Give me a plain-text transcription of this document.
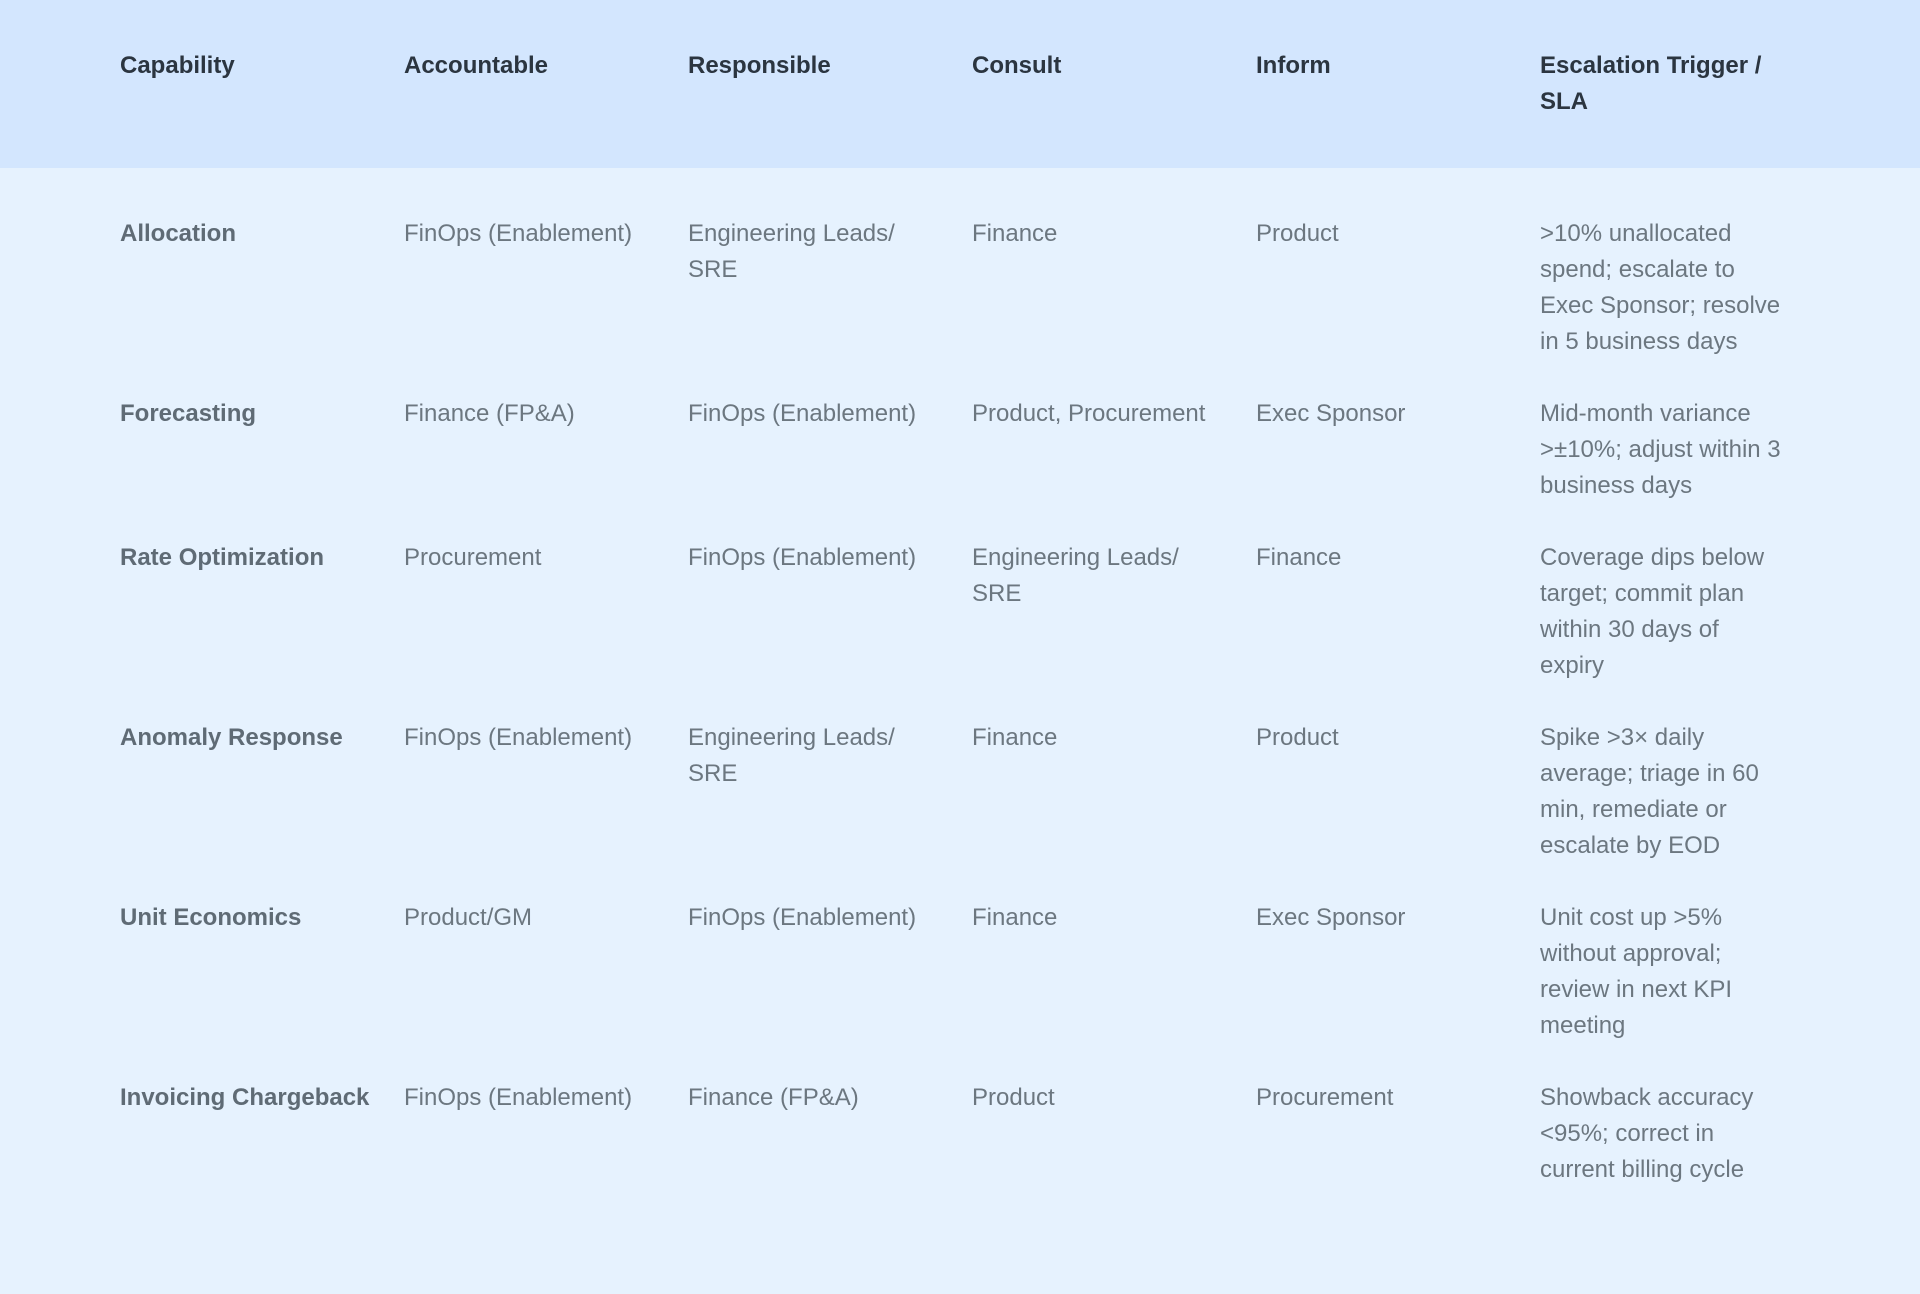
	Capability	Accountable	Responsible	Consult	Inform	Escalation Trigger / SLA	
	Allocation	FinOps (Enablement)	Engineering Leads/ SRE	Finance	Product	>10% unallocated spend; escalate to Exec Sponsor; resolve in 5 business days	
	Forecasting	Finance (FP&A)	FinOps (Enablement)	Product, Procurement	Exec Sponsor	Mid-month variance >±10%; adjust within 3 business days	
	Rate Optimization	Procurement	FinOps (Enablement)	Engineering Leads/ SRE	Finance	Coverage dips below target; commit plan within 30 days of expiry	
	Anomaly Response	FinOps (Enablement)	Engineering Leads/ SRE	Finance	Product	Spike >3× daily average; triage in 60 min, remediate or escalate by EOD	
	Unit Economics	Product/GM	FinOps (Enablement)	Finance	Exec Sponsor	Unit cost up >5% without approval; review in next KPI meeting	
	Invoicing Chargeback	FinOps (Enablement)	Finance (FP&A)	Product	Procurement	Showback accuracy <95%; correct in current billing cycle	
